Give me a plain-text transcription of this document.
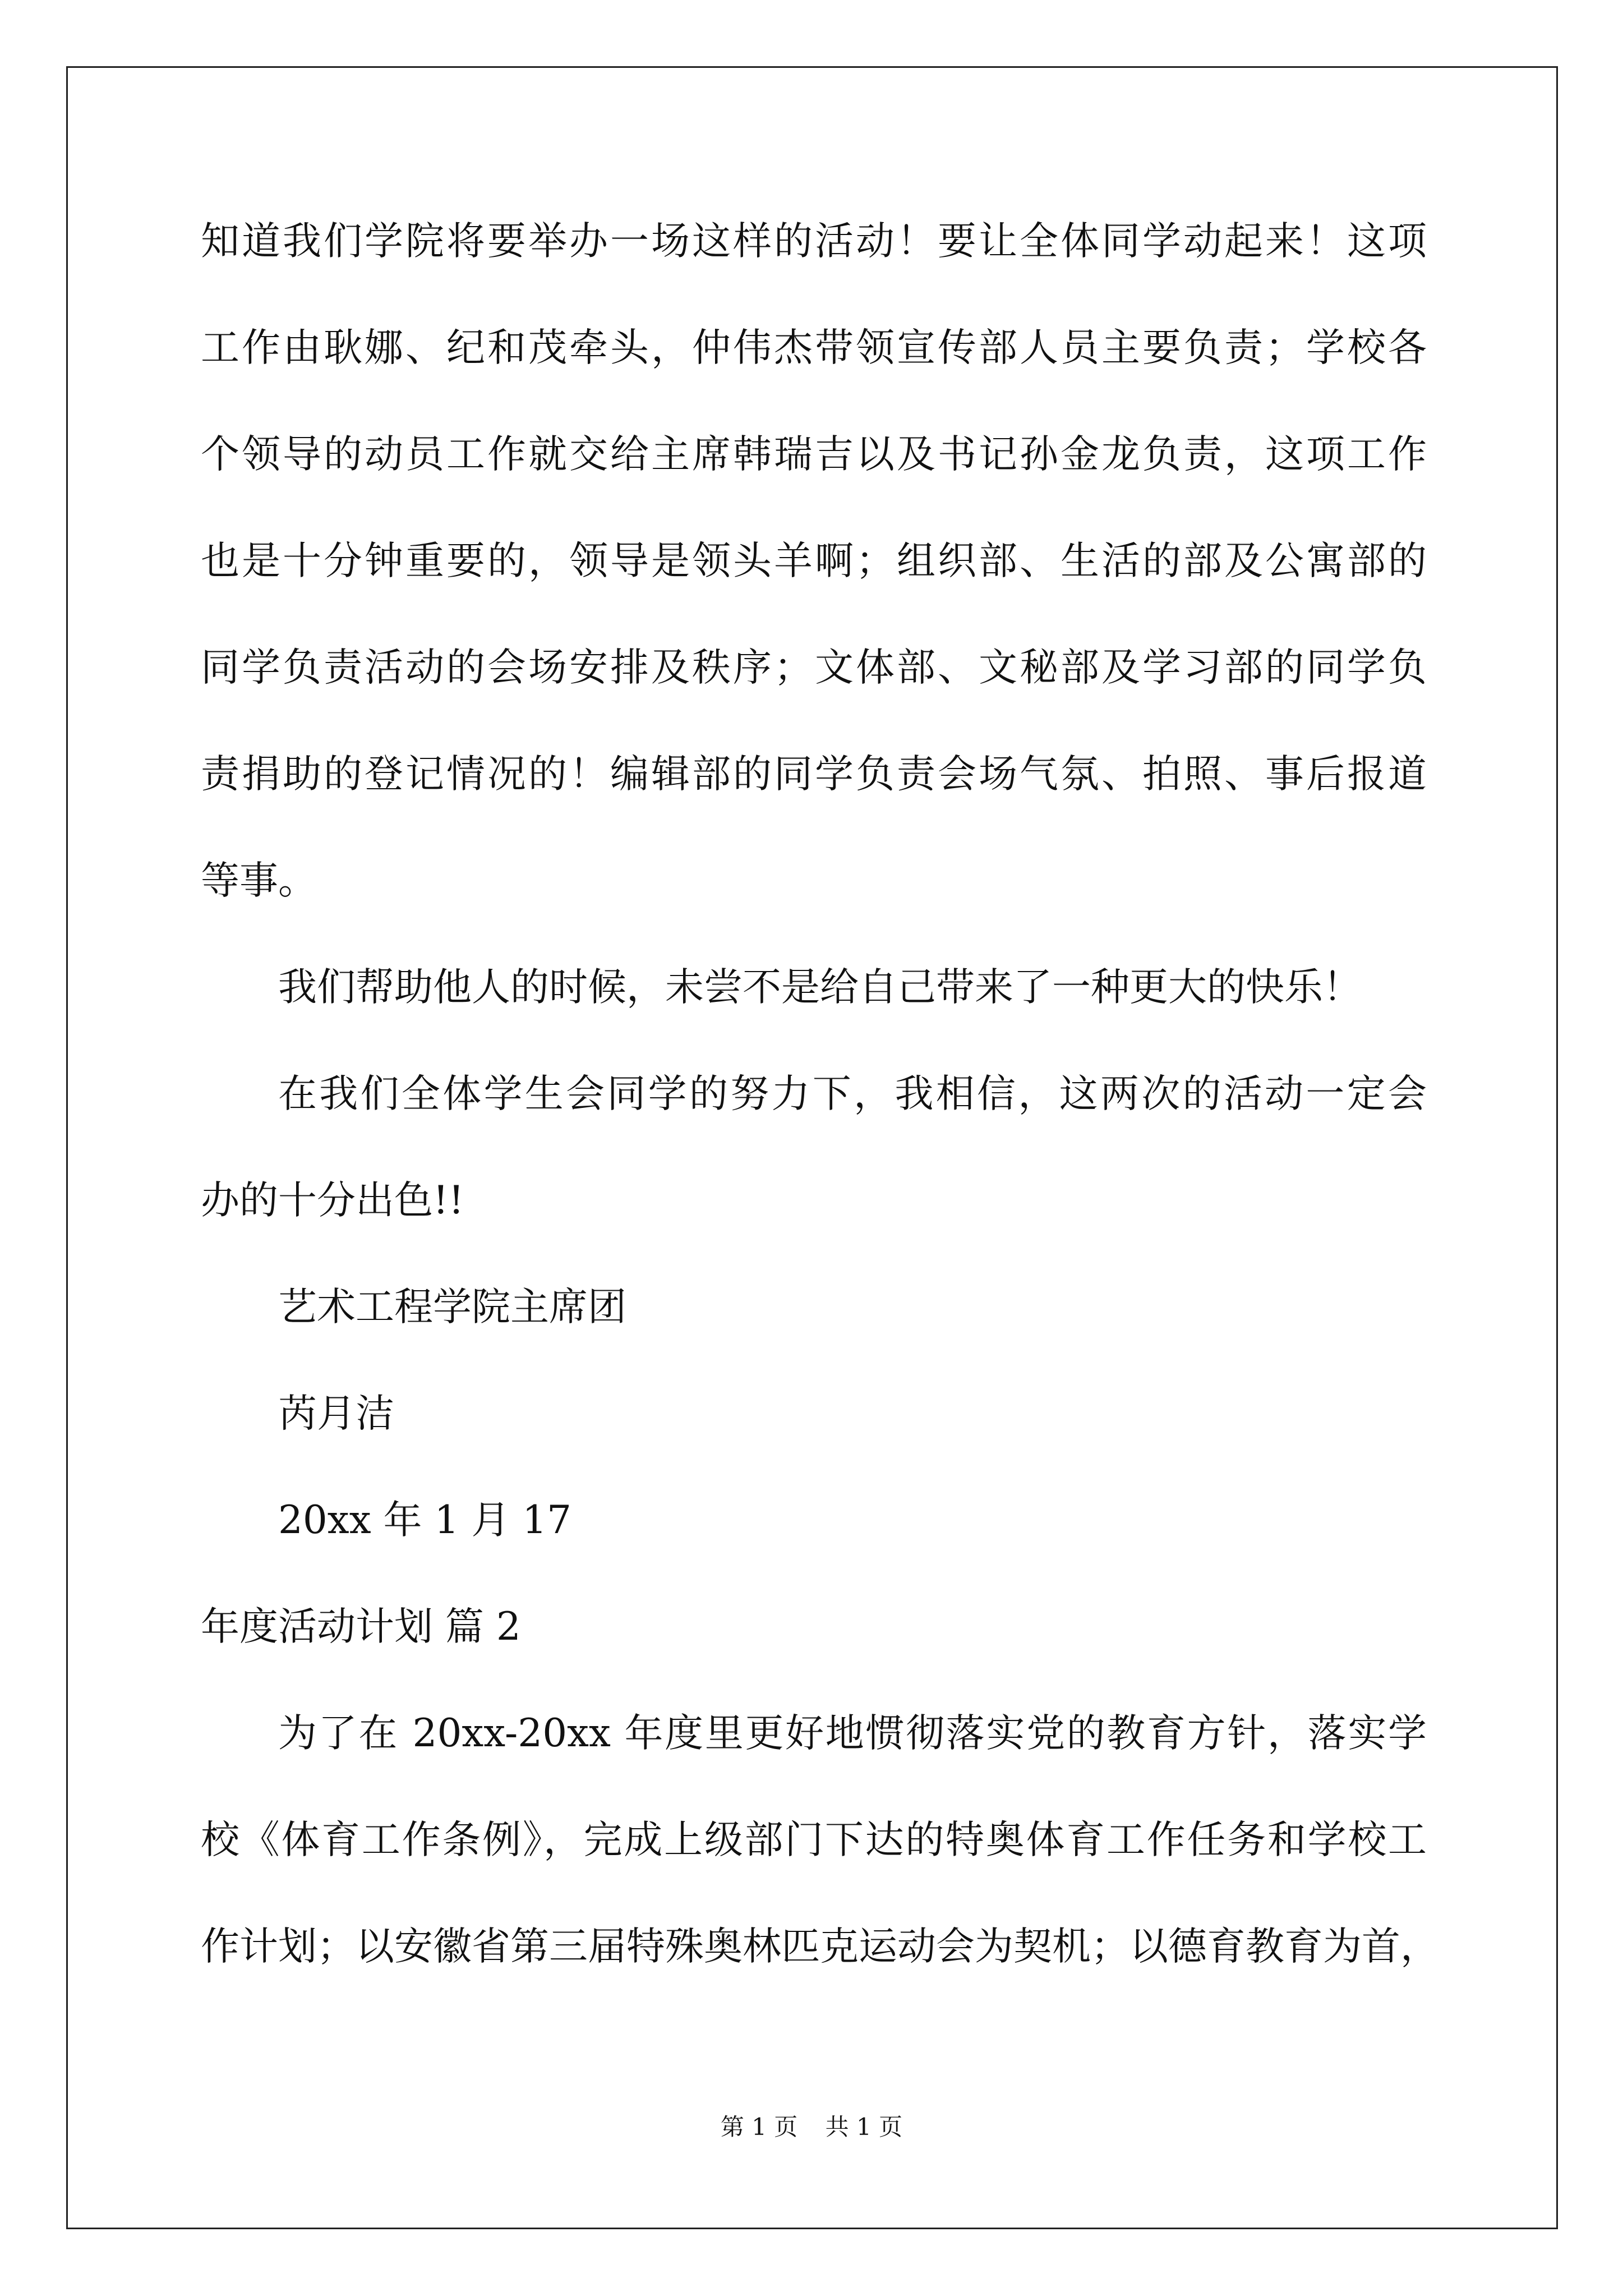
知道我们学院将要举办一场这样的活动！要让全体同学动起来！这项
工作由耿娜、纪和茂牵头，仲伟杰带领宣传部人员主要负责；学校各
个领导的动员工作就交给主席韩瑞吉以及书记孙金龙负责，这项工作
也是十分钟重要的，领导是领头羊啊；组织部、生活的部及公寓部的
同学负责活动的会场安排及秩序；文体部、文秘部及学习部的同学负
责捐助的登记情况的！编辑部的同学负责会场气氛、拍照、事后报道
等事。
我们帮助他人的时候，未尝不是给自己带来了一种更大的快乐！
在我们全体学生会同学的努力下，我相信，这两次的活动一定会
办的十分出色!!
艺术工程学院主席团
芮月洁
20xx 年 1 月 17
年度活动计划 篇 2
为了在 20xx-20xx 年度里更好地惯彻落实党的教育方针，落实学
校《体育工作条例》，完成上级部门下达的特奥体育工作任务和学校工
作计划；以安徽省第三届特殊奥林匹克运动会为契机；以德育教育为首，
第 1 页 共 1 页
